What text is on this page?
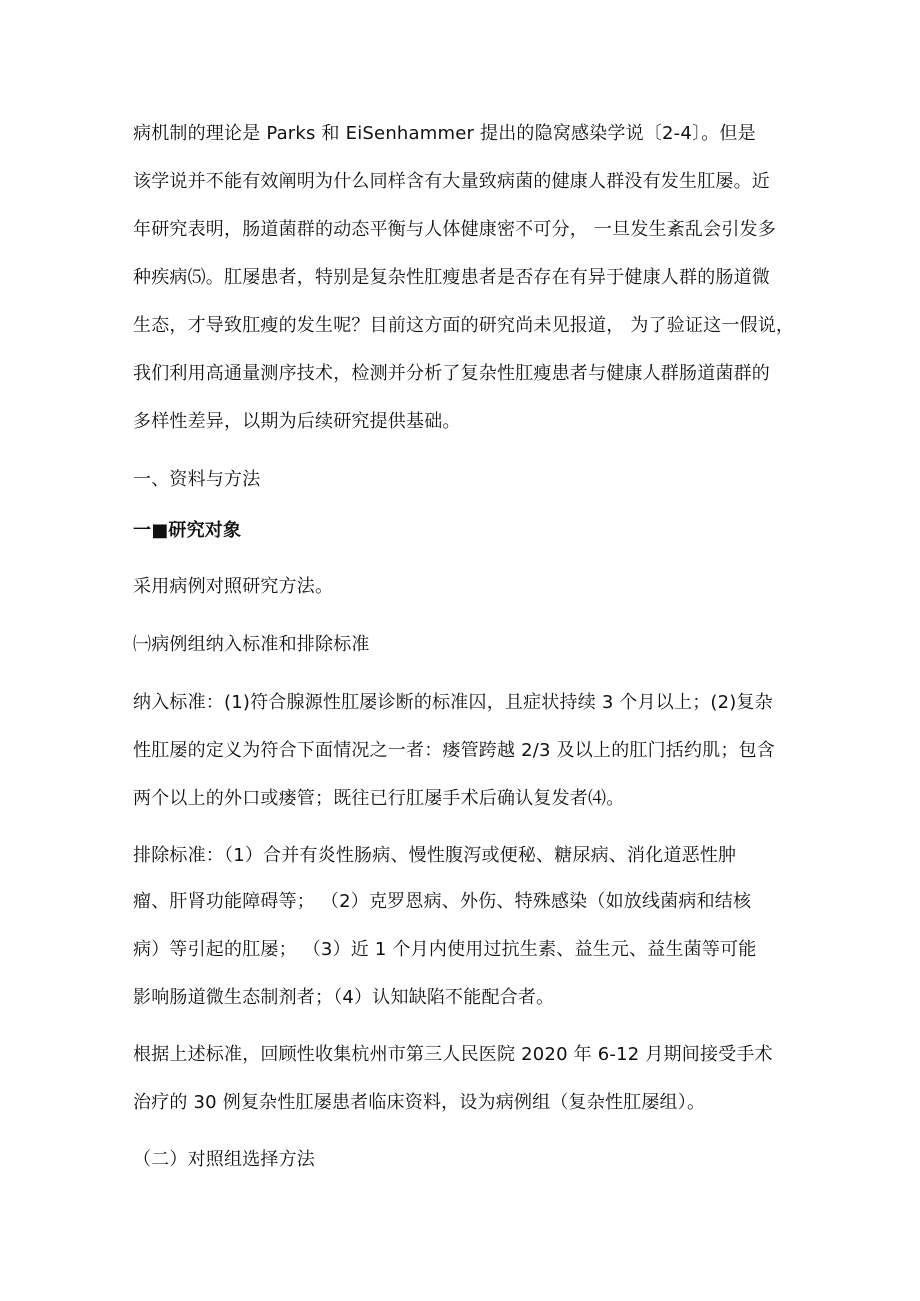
病机制的理论是 Parks 和 EiSenhammer 提出的隐窝感染学说〔2-4〕。但是
该学说并不能有效阐明为什么同样含有大量致病菌的健康人群没有发生肛屡。近
年研究表明，肠道菌群的动态平衡与人体健康密不可分， 一旦发生紊乱会引发多
种疾病⑸。肛屡患者，特别是复杂性肛瘦患者是否存在有异于健康人群的肠道微
生态，才导致肛瘦的发生呢？目前这方面的研究尚未见报道， 为了验证这一假说，
我们利用高通量测序技术，检测并分析了复杂性肛瘦患者与健康人群肠道菌群的
多样性差异，以期为后续研究提供基础。
一、资料与方法
一■研究对象
采用病例对照研究方法。
㈠病例组纳入标准和排除标准
纳入标准：(1)符合腺源性肛屡诊断的标准囚，且症状持续 3 个月以上；(2)复杂
性肛屡的定义为符合下面情况之一者：瘘管跨越 2/3 及以上的肛门括约肌；包含
两个以上的外口或瘘管；既往已行肛屡手术后确认复发者⑷。
排除标准：（1）合并有炎性肠病、慢性腹泻或便秘、糖尿病、消化道恶性肿
瘤、肝肾功能障碍等； （2）克罗恩病、外伤、特殊感染（如放线菌病和结核
病）等引起的肛屡； （3）近 1 个月内使用过抗生素、益生元、益生菌等可能
影响肠道微生态制剂者；（4）认知缺陷不能配合者。
根据上述标准，回顾性收集杭州市第三人民医院 2020 年 6-12 月期间接受手术
治疗的 30 例复杂性肛屡患者临床资料，设为病例组（复杂性肛屡组）。
（二）对照组选择方法
